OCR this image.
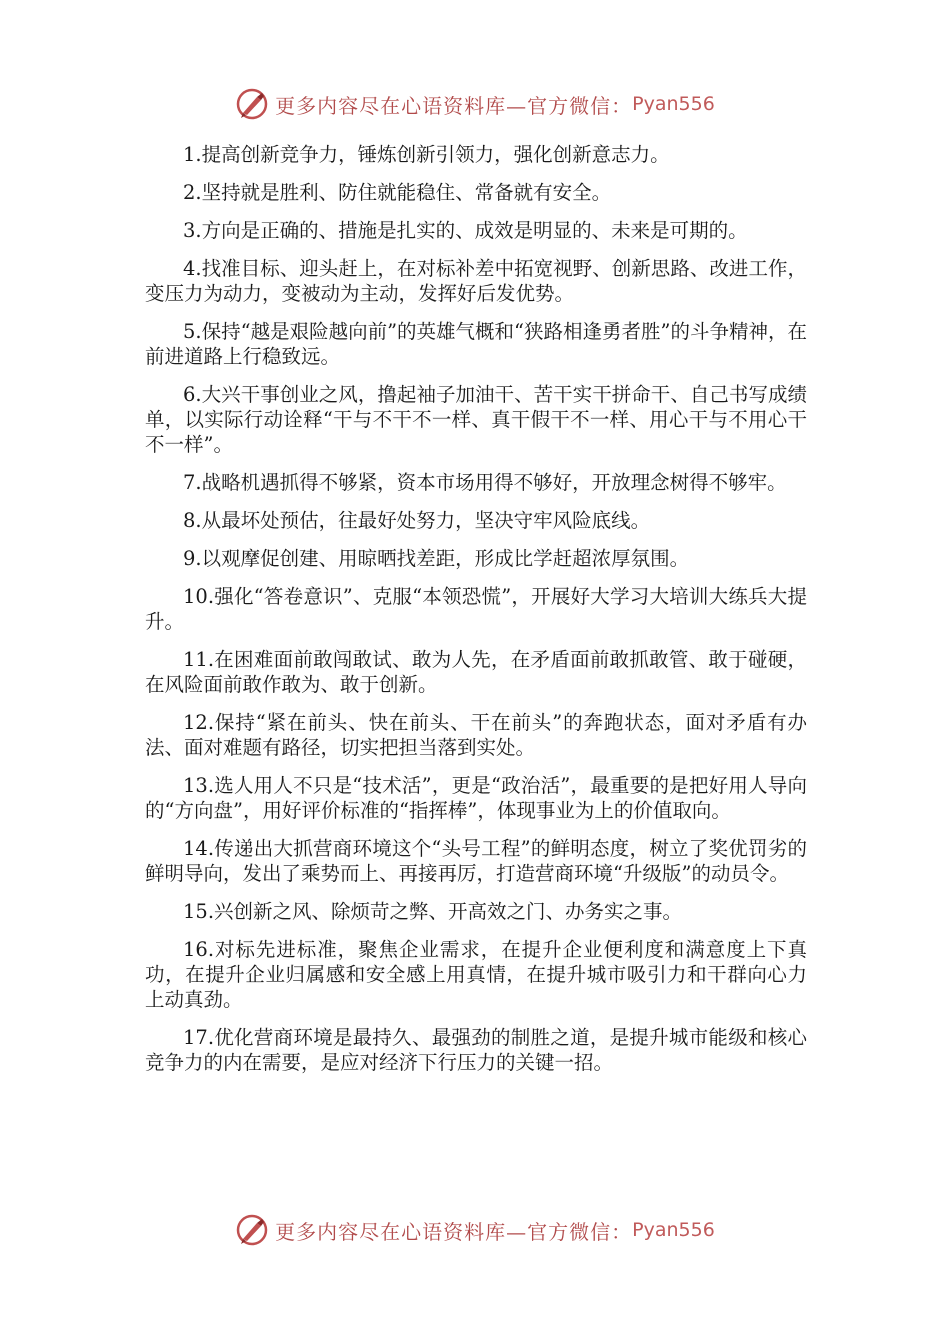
更多内容尽在心语资料库—官方微信： Pyan556

1.提高创新竞争力，锤炼创新引领力，强化创新意志力。

2.坚持就是胜利、防住就能稳住、常备就有安全。

3.方向是正确的、措施是扎实的、成效是明显的、未来是可期的。

4.找准目标、迎头赶上，在对标补差中拓宽视野、创新思路、改进工作，变压力为动力，变被动为主动，发挥好后发优势。

5.保持“越是艰险越向前”的英雄气概和“狭路相逢勇者胜”的斗争精神，在前进道路上行稳致远。

6.大兴干事创业之风，撸起袖子加油干、苦干实干拼命干、自己书写成绩单，以实际行动诠释“干与不干不一样、真干假干不一样、用心干与不用心干不一样”。

7.战略机遇抓得不够紧，资本市场用得不够好，开放理念树得不够牢。

8.从最坏处预估，往最好处努力，坚决守牢风险底线。

9.以观摩促创建、用晾晒找差距，形成比学赶超浓厚氛围。

10.强化“答卷意识”、克服“本领恐慌”，开展好大学习大培训大练兵大提升。

11.在困难面前敢闯敢试、敢为人先，在矛盾面前敢抓敢管、敢于碰硬，在风险面前敢作敢为、敢于创新。

12.保持“紧在前头、快在前头、干在前头”的奔跑状态，面对矛盾有办法、面对难题有路径，切实把担当落到实处。

13.选人用人不只是“技术活”，更是“政治活”，最重要的是把好用人导向的“方向盘”，用好评价标准的“指挥棒”，体现事业为上的价值取向。

14.传递出大抓营商环境这个“头号工程”的鲜明态度，树立了奖优罚劣的鲜明导向，发出了乘势而上、再接再厉，打造营商环境“升级版”的动员令。

15.兴创新之风、除烦苛之弊、开高效之门、办务实之事。

16.对标先进标准，聚焦企业需求，在提升企业便利度和满意度上下真功，在提升企业归属感和安全感上用真情，在提升城市吸引力和干群向心力上动真劲。

17.优化营商环境是最持久、最强劲的制胜之道，是提升城市能级和核心竞争力的内在需要，是应对经济下行压力的关键一招。

更多内容尽在心语资料库—官方微信： Pyan556
